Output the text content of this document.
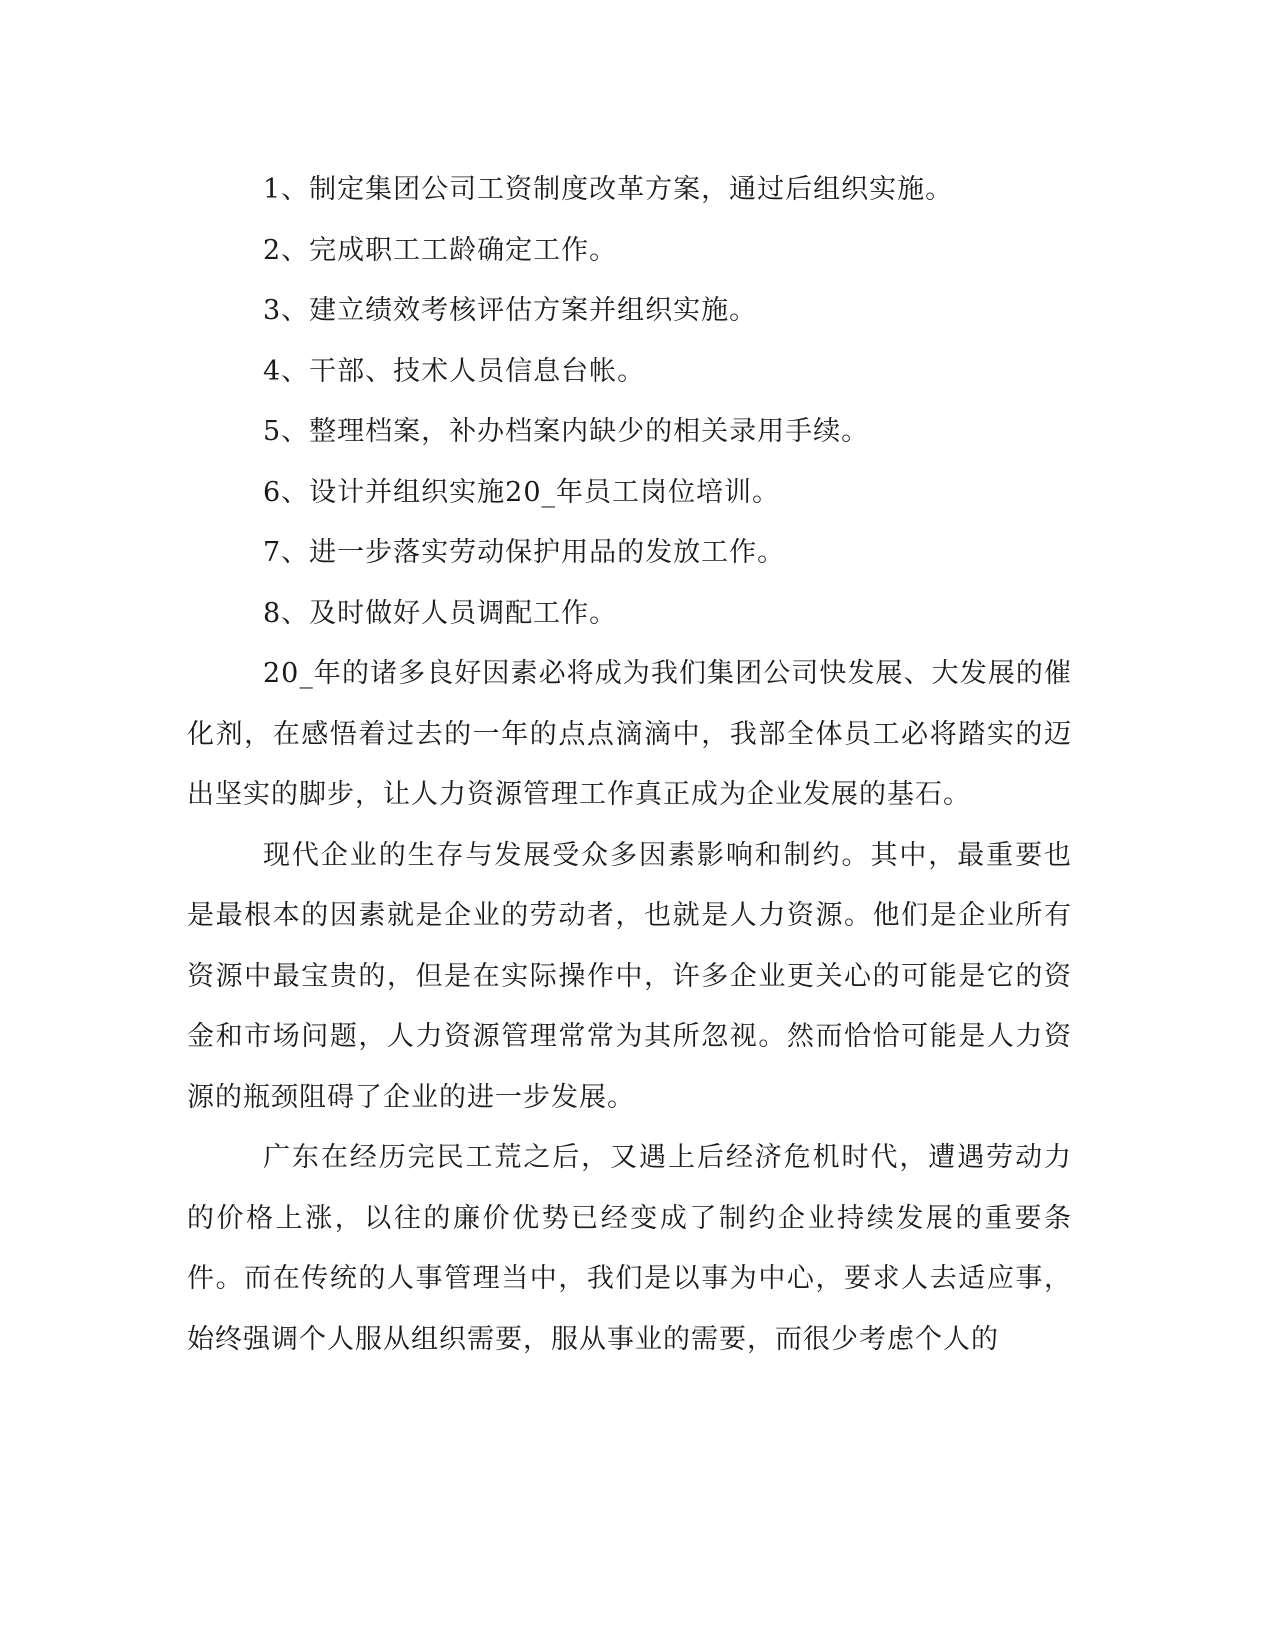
1、制定集团公司工资制度改革方案，通过后组织实施。

2、完成职工工龄确定工作。

3、建立绩效考核评估方案并组织实施。

4、干部、技术人员信息台帐。

5、整理档案，补办档案内缺少的相关录用手续。

6、设计并组织实施20_年员工岗位培训。

7、进一步落实劳动保护用品的发放工作。

8、及时做好人员调配工作。

20_年的诸多良好因素必将成为我们集团公司快发展、大发展的催化剂，在感悟着过去的一年的点点滴滴中，我部全体员工必将踏实的迈出坚实的脚步，让人力资源管理工作真正成为企业发展的基石。

现代企业的生存与发展受众多因素影响和制约。其中，最重要也是最根本的因素就是企业的劳动者，也就是人力资源。他们是企业所有资源中最宝贵的，但是在实际操作中，许多企业更关心的可能是它的资金和市场问题，人力资源管理常常为其所忽视。然而恰恰可能是人力资源的瓶颈阻碍了企业的进一步发展。

广东在经历完民工荒之后，又遇上后经济危机时代，遭遇劳动力的价格上涨，以往的廉价优势已经变成了制约企业持续发展的重要条件。而在传统的人事管理当中，我们是以事为中心，要求人去适应事，始终强调个人服从组织需要，服从事业的需要，而很少考虑个人的
